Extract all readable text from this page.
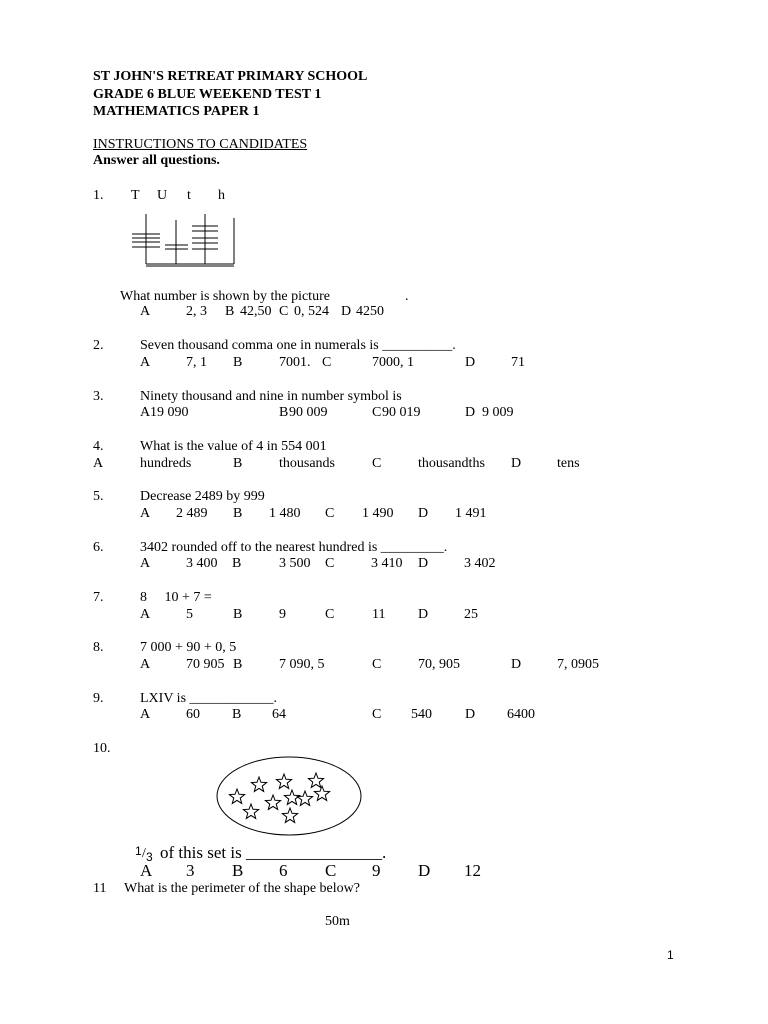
ST JOHN'S RETREAT PRIMARY SCHOOL
GRADE 6 BLUE WEEKEND TEST 1
MATHEMATICS PAPER 1
INSTRUCTIONS TO CANDIDATES
Answer all questions.
1. T U t h
What number is shown by the picture	.
A	2, 3 B 42,50 C 0, 524 D 4250
2.	Seven thousand comma one in numerals is __________.
A	7, 1 B	7001. C	7000, 1	D	71
3.	Ninety thousand and nine in number symbol is
A 19 090	B 90 009	C 90 019	D 9 009
4.	What is the value of 4 in 554 001
A	hundreds	B	thousands	C	thousandths D	tens
5.	Decrease 2489 by 999
A 2 489 B 1 480 C 1 490 D 1 491
6.	3402 rounded off to the nearest hundred is _________.
A	3 400 B	3 500 C	3 410 D	3 402
7.	8     10 + 7 =
A	5	B	9	C	11 D	25
8.	7 000 + 90 + 0, 5
A	70 905 B	7 090, 5	C	70, 905	D	7, 0905
9.	LXIV is ____________.
A	60 B 64	C 540 D 6400
10.
1 / 3 of this set is ________________.
A 3 B 6 C 9 D 12
11 What is the perimeter of the shape below?
50m
1
